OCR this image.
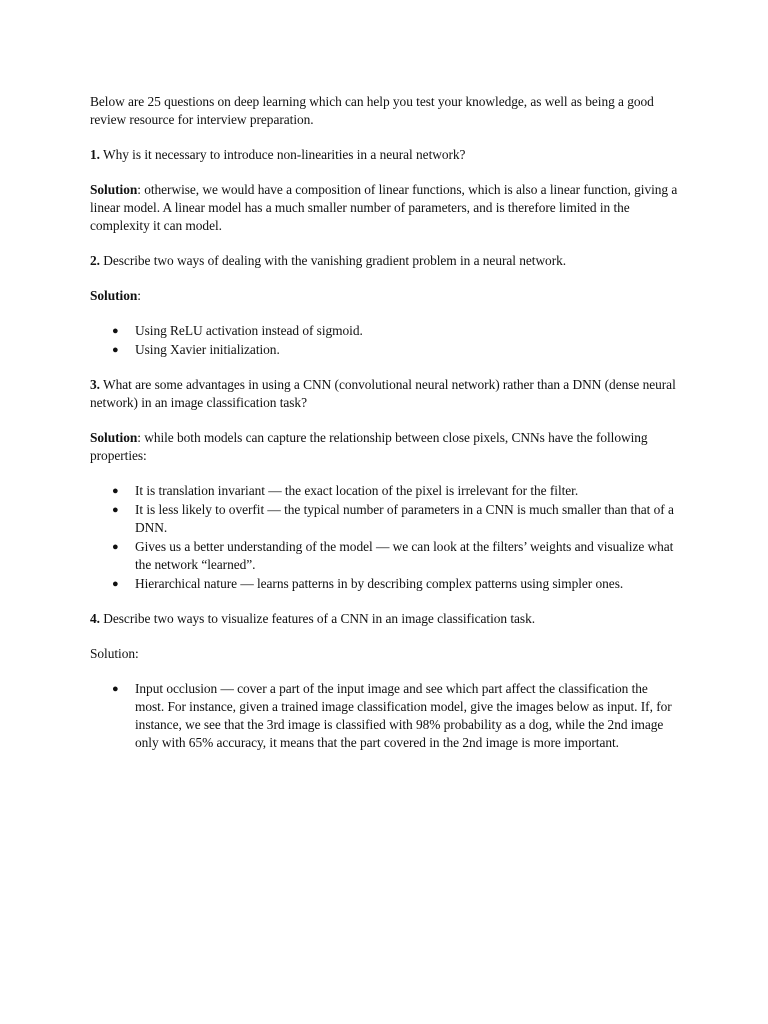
Below are 25 questions on deep learning which can help you test your knowledge, as well as being a good review resource for interview preparation.

1. Why is it necessary to introduce non-linearities in a neural network?

Solution: otherwise, we would have a composition of linear functions, which is also a linear function, giving a linear model. A linear model has a much smaller number of parameters, and is therefore limited in the complexity it can model.

2. Describe two ways of dealing with the vanishing gradient problem in a neural network.

Solution:

● Using ReLU activation instead of sigmoid.
● Using Xavier initialization.

3. What are some advantages in using a CNN (convolutional neural network) rather than a DNN (dense neural network) in an image classification task?

Solution: while both models can capture the relationship between close pixels, CNNs have the following properties:

● It is translation invariant — the exact location of the pixel is irrelevant for the filter.
● It is less likely to overfit — the typical number of parameters in a CNN is much smaller than that of a DNN.
● Gives us a better understanding of the model — we can look at the filters’ weights and visualize what the network “learned”.
● Hierarchical nature — learns patterns in by describing complex patterns using simpler ones.

4. Describe two ways to visualize features of a CNN in an image classification task.

Solution:

● Input occlusion — cover a part of the input image and see which part affect the classification the most. For instance, given a trained image classification model, give the images below as input. If, for instance, we see that the 3rd image is classified with 98% probability as a dog, while the 2nd image only with 65% accuracy, it means that the part covered in the 2nd image is more important.
